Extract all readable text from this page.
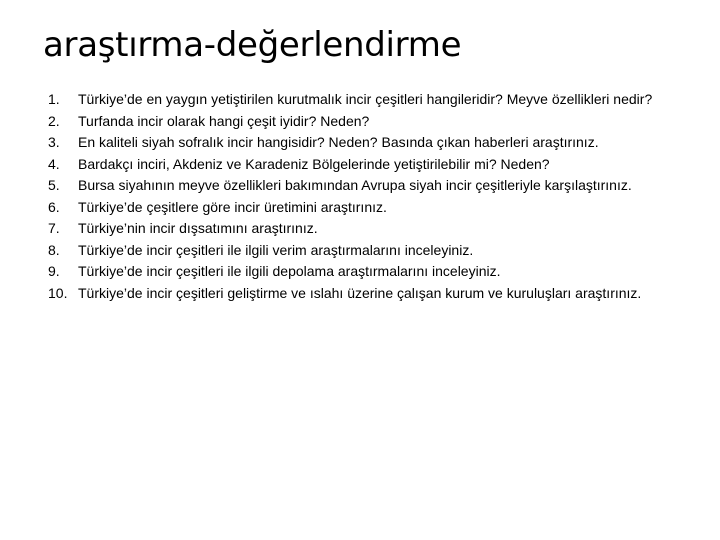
araştırma-değerlendirme
1.	Türkiye’de en yaygın yetiştirilen kurutmalık incir çeşitleri hangileridir? Meyve özellikleri nedir?
2.	Turfanda incir olarak hangi çeşit iyidir? Neden?
3.	En kaliteli siyah sofralık incir hangisidir? Neden? Basında çıkan haberleri araştırınız.
4.	Bardakçı inciri, Akdeniz ve Karadeniz Bölgelerinde yetiştirilebilir mi? Neden?
5.	Bursa siyahının meyve özellikleri bakımından Avrupa siyah incir çeşitleriyle karşılaştırınız.
6.	Türkiye’de çeşitlere göre incir üretimini araştırınız.
7.	Türkiye’nin incir dışsatımını araştırınız.
8.	Türkiye’de incir çeşitleri ile ilgili verim araştırmalarını inceleyiniz.
9.	Türkiye’de incir çeşitleri ile ilgili depolama araştırmalarını inceleyiniz.
10. Türkiye’de incir çeşitleri geliştirme ve ıslahı üzerine çalışan kurum ve kuruluşları araştırınız.
